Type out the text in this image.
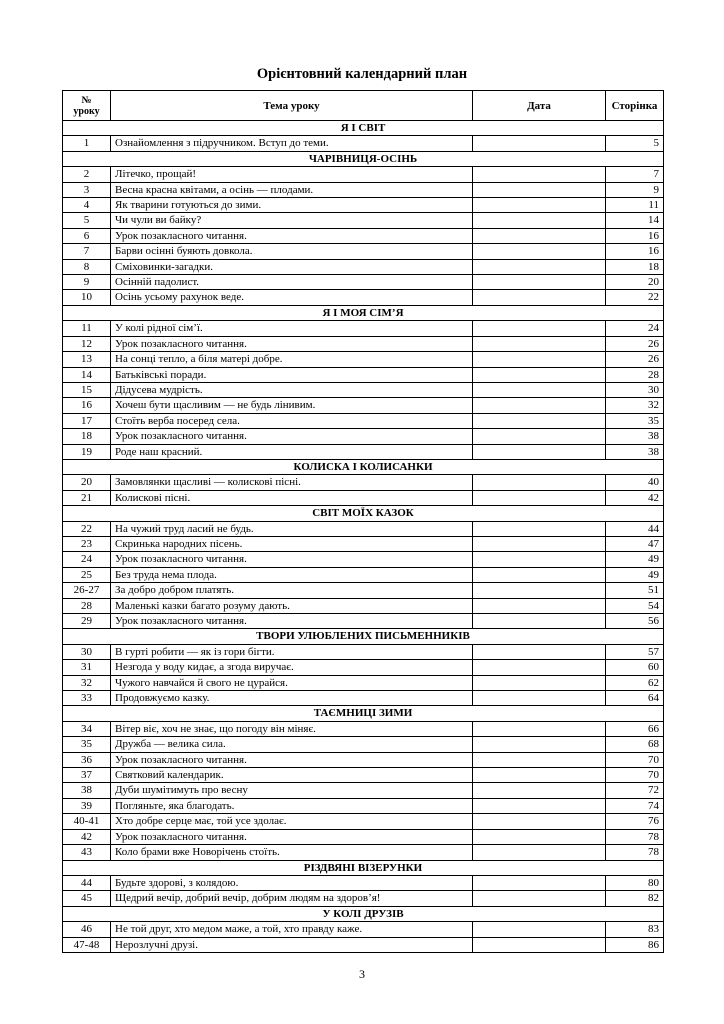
Орієнтовний календарний план
№
уроку	Тема уроку	Дата	Сторінка
Я І СВІТ			
1	Ознайомлення з підручником. Вступ до теми.		5
ЧАРІВНИЦЯ-ОСІНЬ			
2	Літечко, прощай!		7
3	Весна красна квітами, а осінь — плодами.		9
4	Як тварини готуються до зими.		11
5	Чи чули ви байку?		14
6	Урок позакласного читання.		16
7	Барви осінні буяють довкола.		16
8	Сміховинки-загадки.		18
9	Осінній падолист.		20
10	Осінь усьому рахунок веде.		22
Я І МОЯ СІМ’Я			
11	У колі рідної сім’ї.		24
12	Урок позакласного читання.		26
13	На сонці тепло, а біля матері добре.		26
14	Батьківські поради.		28
15	Дідусева мудрість.		30
16	Хочеш бути щасливим — не будь лінивим.		32
17	Стоїть верба посеред села.		35
18	Урок позакласного читання.		38
19	Роде наш красний.		38
КОЛИСКА І КОЛИСАНКИ			
20	Замовлянки щасливі — колискові пісні.		40
21	Колискові пісні.		42
СВІТ МОЇХ КАЗОК			
22	На чужий труд ласий не будь.		44
23	Скринька народних пісень.		47
24	Урок позакласного читання.		49
25	Без труда нема плода.		49
26-27	За добро добром платять.		51
28	Маленькі казки багато розуму дають.		54
29	Урок позакласного читання.		56
ТВОРИ УЛЮБЛЕНИХ ПИСЬМЕННИКІВ			
30	В гурті робити — як із гори бігти.		57
31	Незгода у воду кидає, а згода виручає.		60
32	Чужого навчайся й свого не цурайся.		62
33	Продовжуємо казку.		64
ТАЄМНИЦІ ЗИМИ			
34	Вітер віє, хоч не знає, що погоду він міняє.		66
35	Дружба — велика сила.		68
36	Урок позакласного читання.		70
37	Святковий календарик.		70
38	Дуби шумітимуть про весну		72
39	Погляньте, яка благодать.		74
40-41	Хто добре серце має, той усе здолає.		76
42	Урок позакласного читання.		78
43	Коло брами вже Новорічень стоїть.		78
РІЗДВЯНІ ВІЗЕРУНКИ			
44	Будьте здорові, з колядою.		80
45	Щедрий вечір, добрий вечір, добрим людям на здоров’я!		82
У КОЛІ ДРУЗІВ			
46	Не той друг, хто медом маже, а той, хто правду каже.		83
47-48	Нерозлучні друзі.		86
3
